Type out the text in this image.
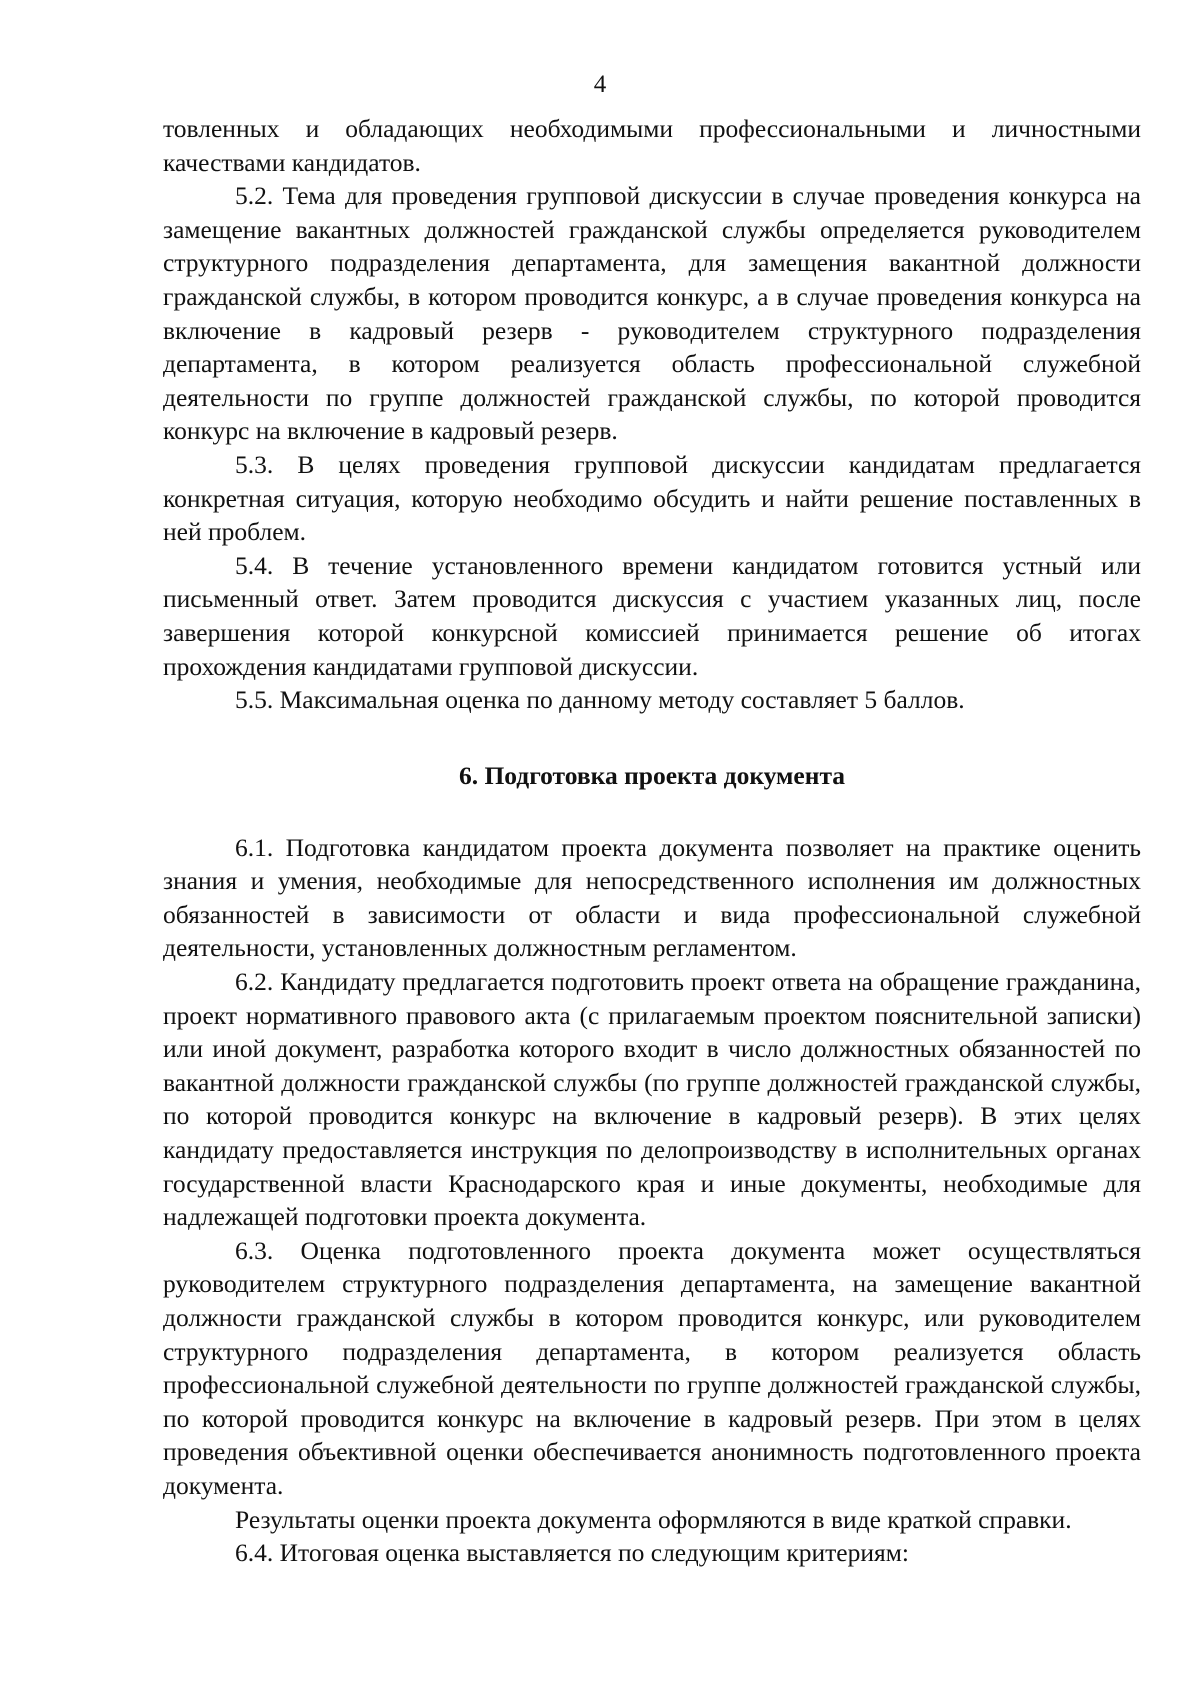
4

товленных и обладающих необходимыми профессиональными и личностными качествами кандидатов.

5.2. Тема для проведения групповой дискуссии в случае проведения конкурса на замещение вакантных должностей гражданской службы определяется руководителем структурного подразделения департамента, для замещения вакантной должности гражданской службы, в котором проводится конкурс, а в случае проведения конкурса на включение в кадровый резерв - руководителем структурного подразделения департамента, в котором реализуется область профессиональной служебной деятельности по группе должностей гражданской службы, по которой проводится конкурс на включение в кадровый резерв.

5.3. В целях проведения групповой дискуссии кандидатам предлагается конкретная ситуация, которую необходимо обсудить и найти решение поставленных в ней проблем.

5.4. В течение установленного времени кандидатом готовится устный или письменный ответ. Затем проводится дискуссия с участием указанных лиц, после завершения которой конкурсной комиссией принимается решение об итогах прохождения кандидатами групповой дискуссии.

5.5. Максимальная оценка по данному методу составляет 5 баллов.

6. Подготовка проекта документа

6.1. Подготовка кандидатом проекта документа позволяет на практике оценить знания и умения, необходимые для непосредственного исполнения им должностных обязанностей в зависимости от области и вида профессиональной служебной деятельности, установленных должностным регламентом.

6.2. Кандидату предлагается подготовить проект ответа на обращение гражданина, проект нормативного правового акта (с прилагаемым проектом пояснительной записки) или иной документ, разработка которого входит в число должностных обязанностей по вакантной должности гражданской службы (по группе должностей гражданской службы, по которой проводится конкурс на включение в кадровый резерв). В этих целях кандидату предоставляется инструкция по делопроизводству в исполнительных органах государственной власти Краснодарского края и иные документы, необходимые для надлежащей подготовки проекта документа.

6.3. Оценка подготовленного проекта документа может осуществляться руководителем структурного подразделения департамента, на замещение вакантной должности гражданской службы в котором проводится конкурс, или руководителем структурного подразделения департамента, в котором реализуется область профессиональной служебной деятельности по группе должностей гражданской службы, по которой проводится конкурс на включение в кадровый резерв. При этом в целях проведения объективной оценки обеспечивается анонимность подготовленного проекта документа.

Результаты оценки проекта документа оформляются в виде краткой справки.

6.4. Итоговая оценка выставляется по следующим критериям:
